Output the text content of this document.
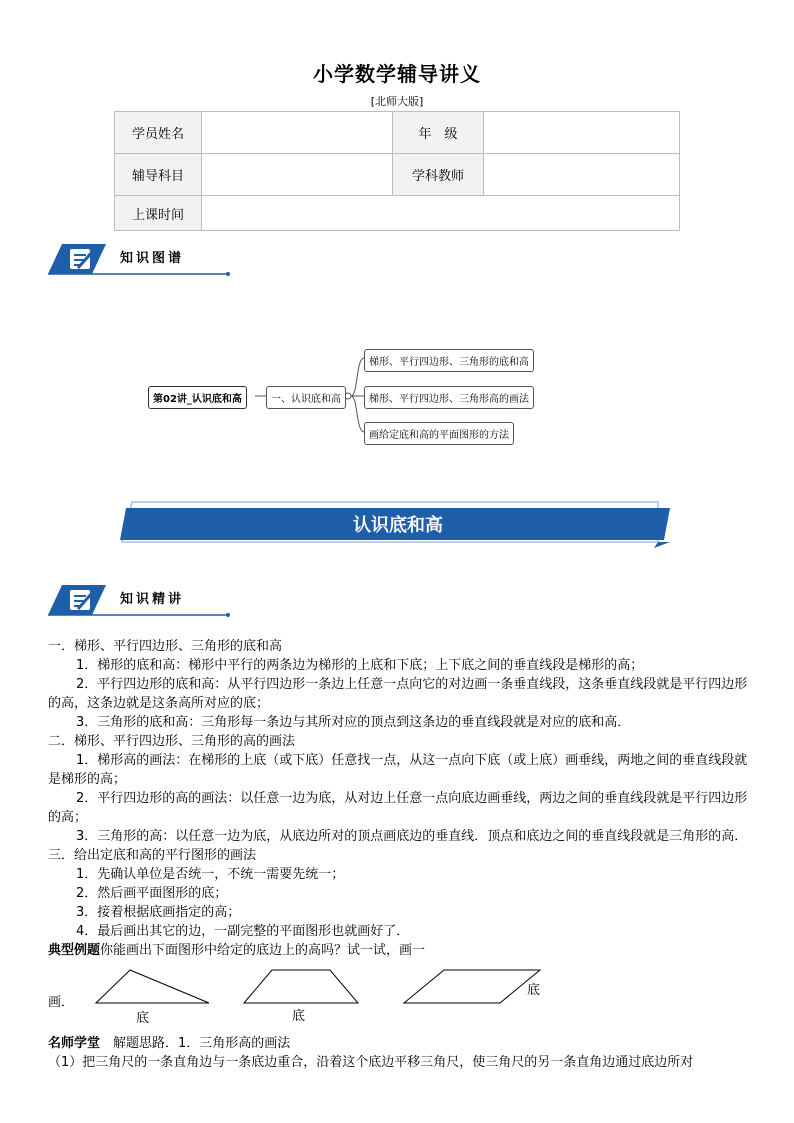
小学数学辅导讲义
[北师大版]
学员姓名		年　级	
辅导科目		学科教师	
上课时间			
知识图谱
第02讲_认识底和高	一、认识底和高
梯形、平行四边形、三角形的底和高
梯形、平行四边形、三角形高的画法
画给定底和高的平面图形的方法
认识底和高
知识精讲

一．梯形、平行四边形、三角形的底和高

1．梯形的底和高：梯形中平行的两条边为梯形的上底和下底；上下底之间的垂直线段是梯形的高；

2．平行四边形的底和高：从平行四边形一条边上任意一点向它的对边画一条垂直线段，这条垂直线段就是平行四边形的高，这条边就是这条高所对应的底；

3．三角形的底和高：三角形每一条边与其所对应的顶点到这条边的垂直线段就是对应的底和高．

二．梯形、平行四边形、三角形的高的画法

1．梯形高的画法：在梯形的上底（或下底）任意找一点，从这一点向下底（或上底）画垂线，两地之间的垂直线段就是梯形的高；

2．平行四边形的高的画法：以任意一边为底，从对边上任意一点向底边画垂线，两边之间的垂直线段就是平行四边形的高；

3．三角形的高：以任意一边为底，从底边所对的顶点画底边的垂直线．顶点和底边之间的垂直线段就是三角形的高．

三．给出定底和高的平行图形的画法

1．先确认单位是否统一，不统一需要先统一；

2．然后画平面图形的底；

3．接着根据底画指定的高；

4．最后画出其它的边，一副完整的平面图形也就画好了．

典型例题你能画出下面图形中给定的底边上的高吗？试一试，画一

画．
底	底
底

名师学堂　解题思路．1．三角形高的画法

（1）把三角尺的一条直角边与一条底边重合，沿着这个底边平移三角尺，使三角尺的另一条直角边通过底边所对
